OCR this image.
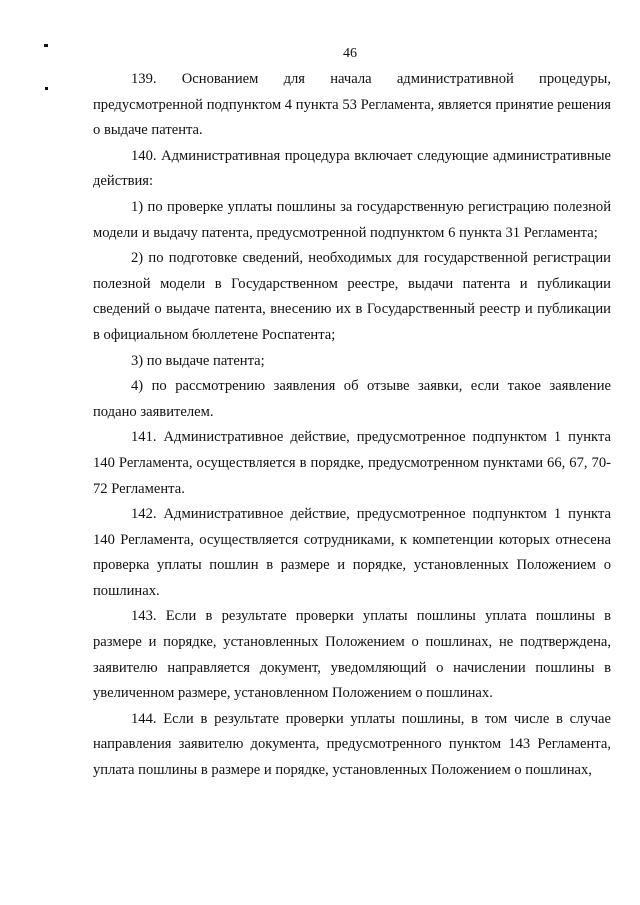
46

139. Основанием для начала административной процедуры, предусмотренной подпунктом 4 пункта 53 Регламента, является принятие решения о выдаче патента.

140. Административная процедура включает следующие административные действия:

1) по проверке уплаты пошлины за государственную регистрацию полезной модели и выдачу патента, предусмотренной подпунктом 6 пункта 31 Регламента;

2) по подготовке сведений, необходимых для государственной регистрации полезной модели в Государственном реестре, выдачи патента и публикации сведений о выдаче патента, внесению их в Государственный реестр и публикации в официальном бюллетене Роспатента;

3) по выдаче патента;

4) по рассмотрению заявления об отзыве заявки, если такое заявление подано заявителем.

141. Административное действие, предусмотренное подпунктом 1 пункта 140 Регламента, осуществляется в порядке, предусмотренном пунктами 66, 67, 70-72 Регламента.

142. Административное действие, предусмотренное подпунктом 1 пункта 140 Регламента, осуществляется сотрудниками, к компетенции которых отнесена проверка уплаты пошлин в размере и порядке, установленных Положением о пошлинах.

143. Если в результате проверки уплаты пошлины уплата пошлины в размере и порядке, установленных Положением о пошлинах, не подтверждена, заявителю направляется документ, уведомляющий о начислении пошлины в увеличенном размере, установленном Положением о пошлинах.

144. Если в результате проверки уплаты пошлины, в том числе в случае направления заявителю документа, предусмотренного пунктом 143 Регламента, уплата пошлины в размере и порядке, установленных Положением о пошлинах,
